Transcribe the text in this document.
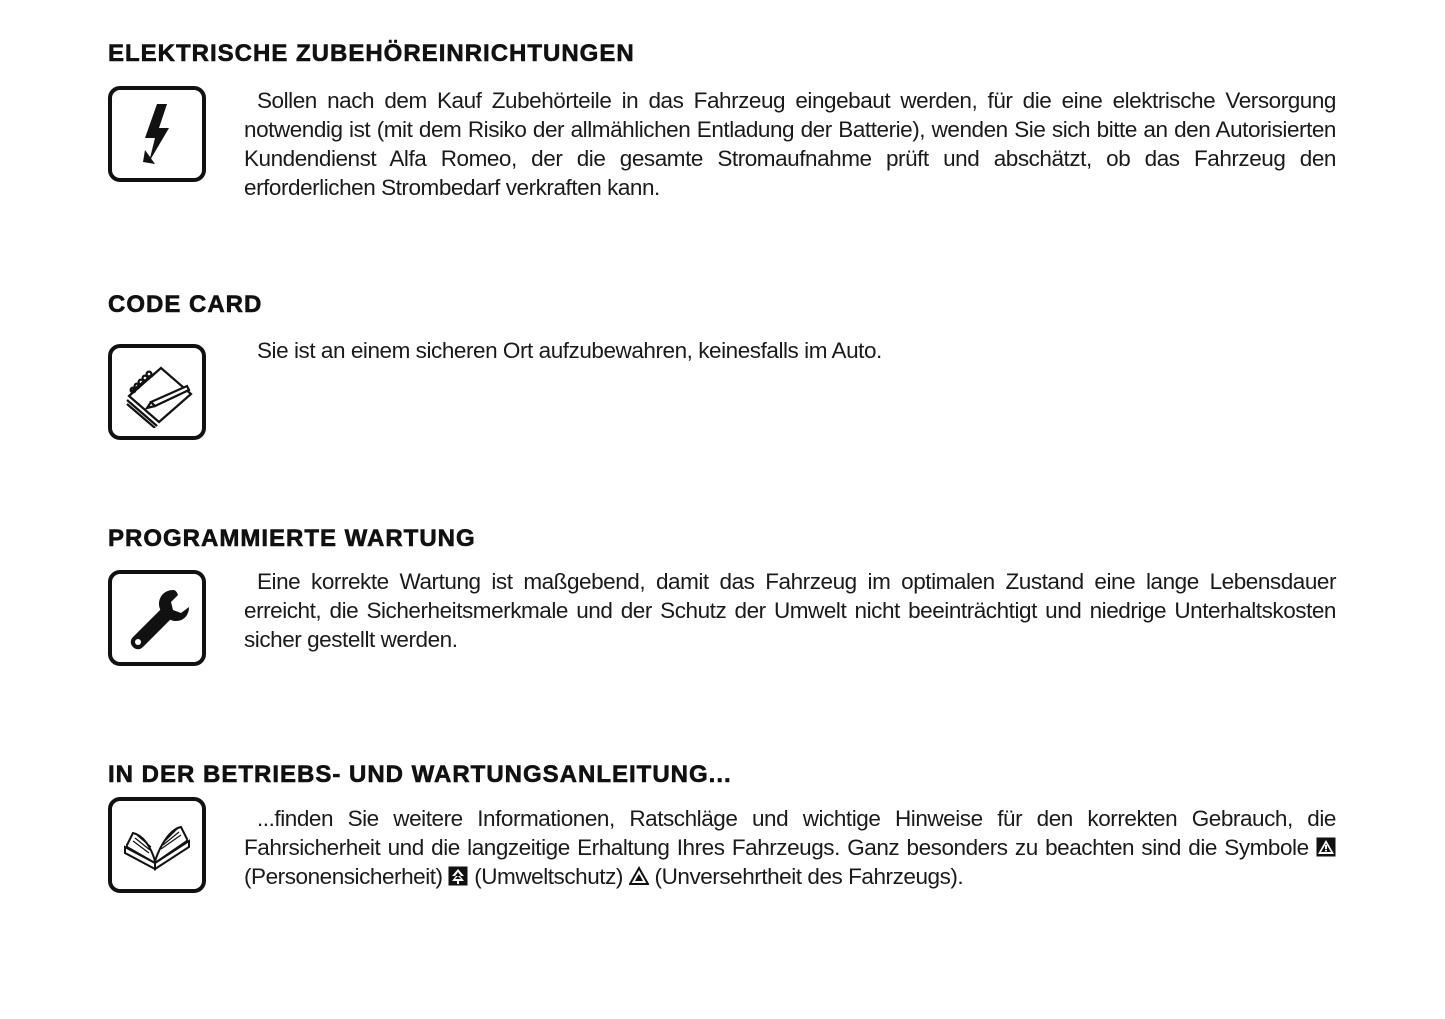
ELEKTRISCHE ZUBEHÖREINRICHTUNGEN

Sollen nach dem Kauf Zubehörteile in das Fahrzeug eingebaut werden, für die eine elektrische Versorgung notwendig ist (mit dem Risiko der allmählichen Entladung der Batterie), wenden Sie sich bitte an den Autorisierten Kundendienst Alfa Romeo, der die gesamte Stromaufnahme prüft und abschätzt, ob das Fahrzeug den erforderlichen Strombedarf verkraften kann.

CODE CARD

Sie ist an einem sicheren Ort aufzubewahren, keinesfalls im Auto.

PROGRAMMIERTE WARTUNG

Eine korrekte Wartung ist maßgebend, damit das Fahrzeug im optimalen Zustand eine lange Lebensdauer erreicht, die Sicherheitsmerkmale und der Schutz der Umwelt nicht beeinträchtigt und niedrige Unterhaltskosten sicher gestellt werden.

IN DER BETRIEBS- UND WARTUNGSANLEITUNG...

...finden Sie weitere Informationen, Ratschläge und wichtige Hinweise für den korrekten Gebrauch, die Fahrsicherheit und die langzeitige Erhaltung Ihres Fahrzeugs. Ganz besonders zu beachten sind die Symbole  (Personensicherheit)  (Umweltschutz)  (Unversehrtheit des Fahrzeugs).
